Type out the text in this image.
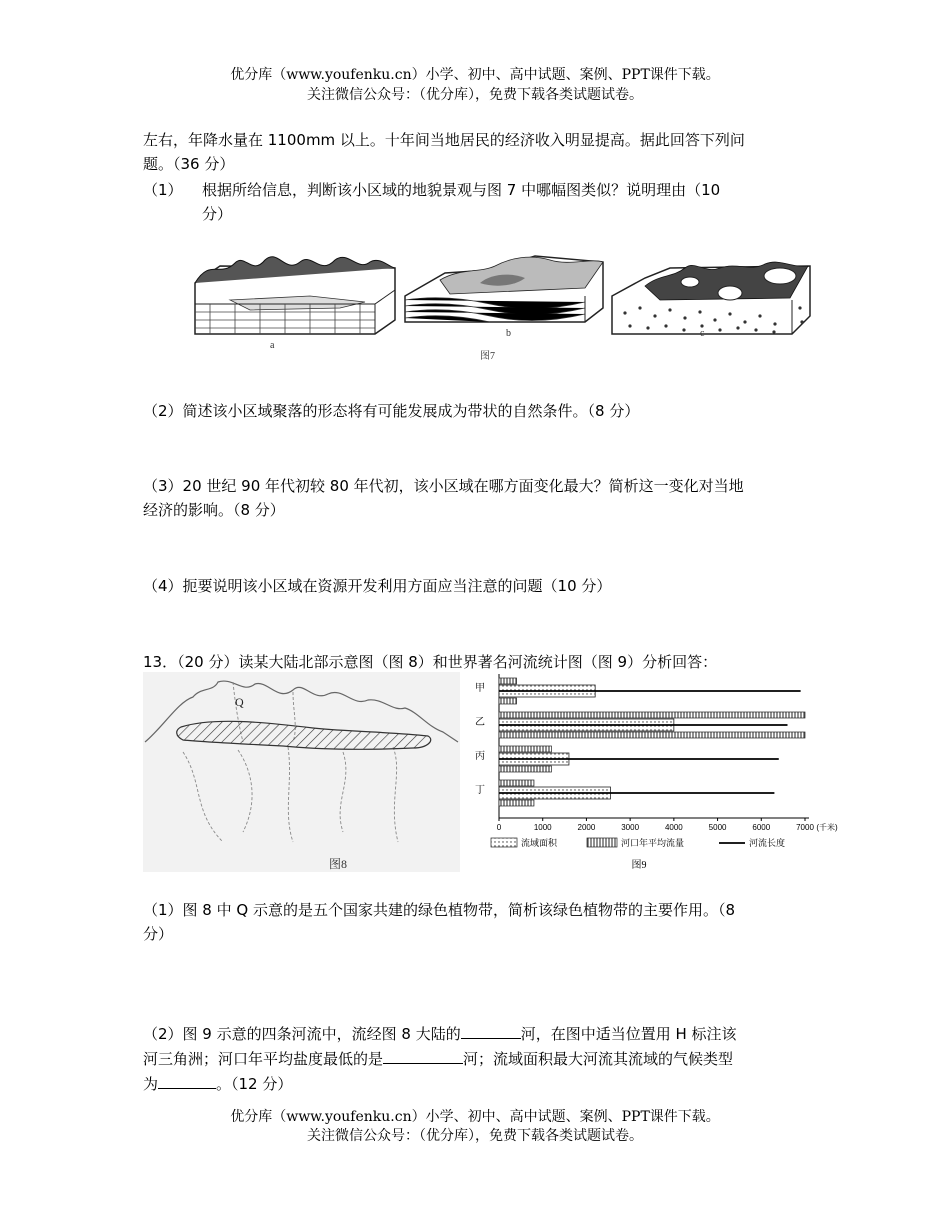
优分库（www.youfenku.cn）小学、初中、高中试题、案例、PPT课件下载。
关注微信公众号：（优分库），免费下载各类试题试卷。
左右，年降水量在 1100mm 以上。十年间当地居民的经济收入明显提高。据此回答下列问
题。（36 分）
（1）	根据所给信息，判断该小区域的地貌景观与图 7 中哪幅图类似？说明理由（10
分）
a
b	c
图7
（2）简述该小区域聚落的形态将有可能发展成为带状的自然条件。（8 分）
（3）20 世纪 90 年代初较 80 年代初，该小区域在哪方面变化最大？简析这一变化对当地
经济的影响。（8 分）
（4）扼要说明该小区域在资源开发利用方面应当注意的问题（10 分）
13．（20 分）读某大陆北部示意图（图 8）和世界著名河流统计图（图 9）分析回答：
Q
图8
甲
乙
丙
丁
0	1000	2000	3000	4000	5000	6000	7000 (千米)
流域面积	河口年平均流量	河流长度
图9
（1）图 8 中 Q 示意的是五个国家共建的绿色植物带，简析该绿色植物带的主要作用。（8
分）
（2）图 9 示意的四条河流中，流经图 8 大陆的	河，在图中适当位置用 H 标注该
河三角洲；河口年平均盐度最低的是	河；流域面积最大河流其流域的气候类型
为	。（12 分）
优分库（www.youfenku.cn）小学、初中、高中试题、案例、PPT课件下载。
关注微信公众号：（优分库），免费下载各类试题试卷。
